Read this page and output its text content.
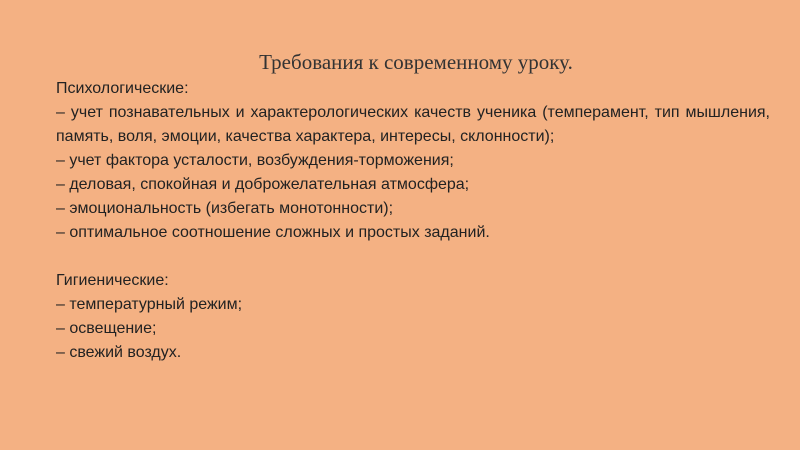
Требования к современному уроку.

Психологические:

– учет познавательных и характерологических качеств ученика (темперамент, тип мышления, память, воля, эмоции, качества характера, интересы, склонности);

– учет фактора усталости, возбуждения-торможения;

– деловая, спокойная и доброжелательная атмосфера;

– эмоциональность (избегать монотонности);

– оптимальное соотношение сложных и простых заданий.

Гигиенические:

– температурный режим;

– освещение;

– свежий воздух.
